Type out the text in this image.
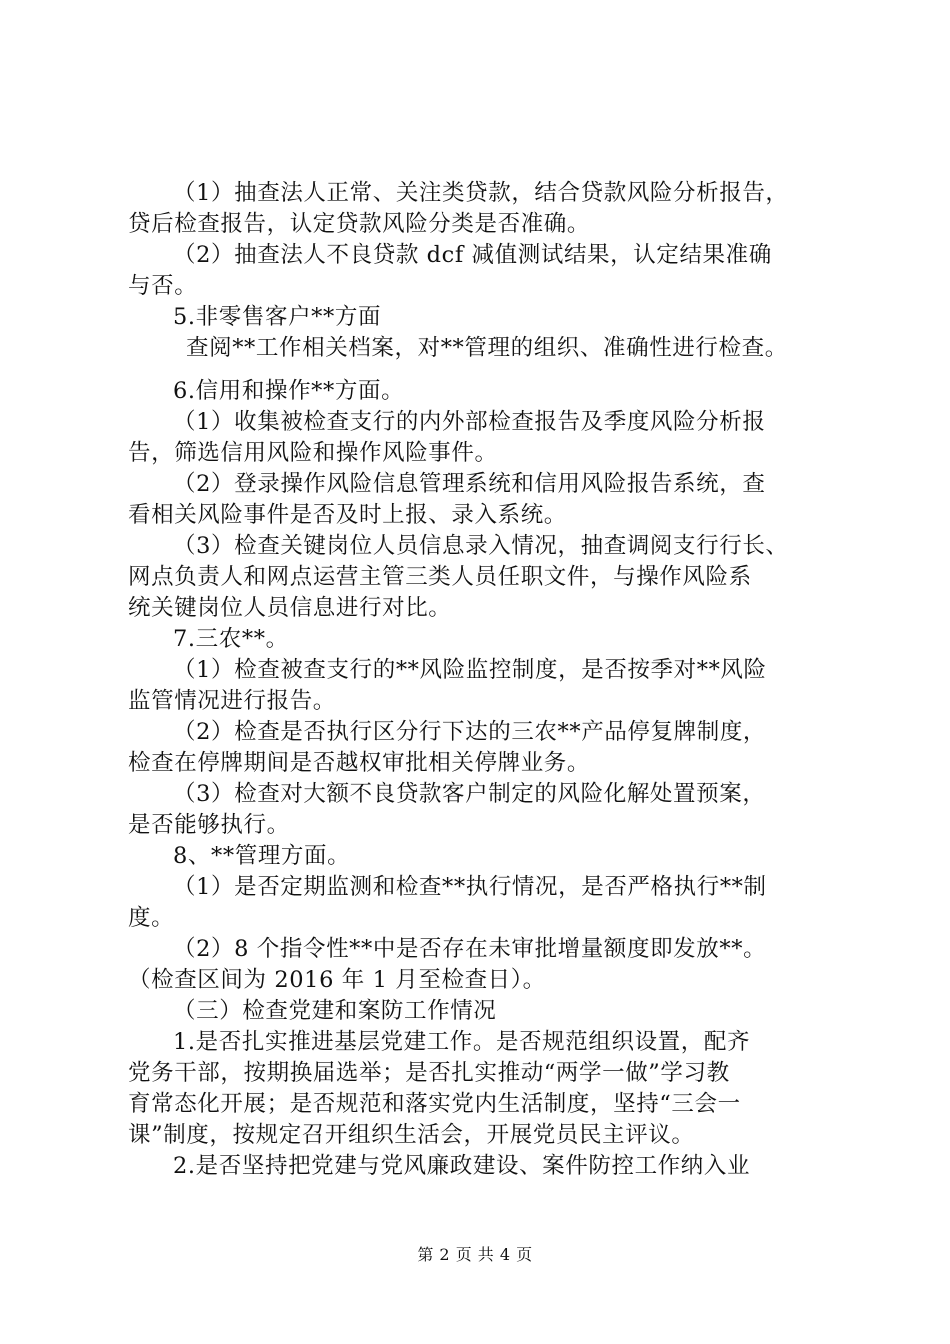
（1）抽查法人正常、关注类贷款，结合贷款风险分析报告，
贷后检查报告，认定贷款风险分类是否准确。
（2）抽查法人不良贷款 dcf 减值测试结果，认定结果准确
与否。
5.非零售客户**方面
查阅**工作相关档案，对**管理的组织、准确性进行检查。
6.信用和操作**方面。
（1）收集被检查支行的内外部检查报告及季度风险分析报
告，筛选信用风险和操作风险事件。
（2）登录操作风险信息管理系统和信用风险报告系统，查
看相关风险事件是否及时上报、录入系统。
（3）检查关键岗位人员信息录入情况，抽查调阅支行行长、
网点负责人和网点运营主管三类人员任职文件，与操作风险系
统关键岗位人员信息进行对比。
7.三农**。
（1）检查被查支行的**风险监控制度，是否按季对**风险
监管情况进行报告。
（2）检查是否执行区分行下达的三农**产品停复牌制度，
检查在停牌期间是否越权审批相关停牌业务。
（3）检查对大额不良贷款客户制定的风险化解处置预案，
是否能够执行。
8、**管理方面。
（1）是否定期监测和检查**执行情况，是否严格执行**制
度。
（2）8 个指令性**中是否存在未审批增量额度即发放**。
（检查区间为 2016 年 1 月至检查日）。
（三）检查党建和案防工作情况
1.是否扎实推进基层党建工作。是否规范组织设置，配齐
党务干部，按期换届选举；是否扎实推动“两学一做”学习教
育常态化开展；是否规范和落实党内生活制度，坚持“三会一
课”制度，按规定召开组织生活会，开展党员民主评议。
2.是否坚持把党建与党风廉政建设、案件防控工作纳入业
第 2 页 共 4 页
